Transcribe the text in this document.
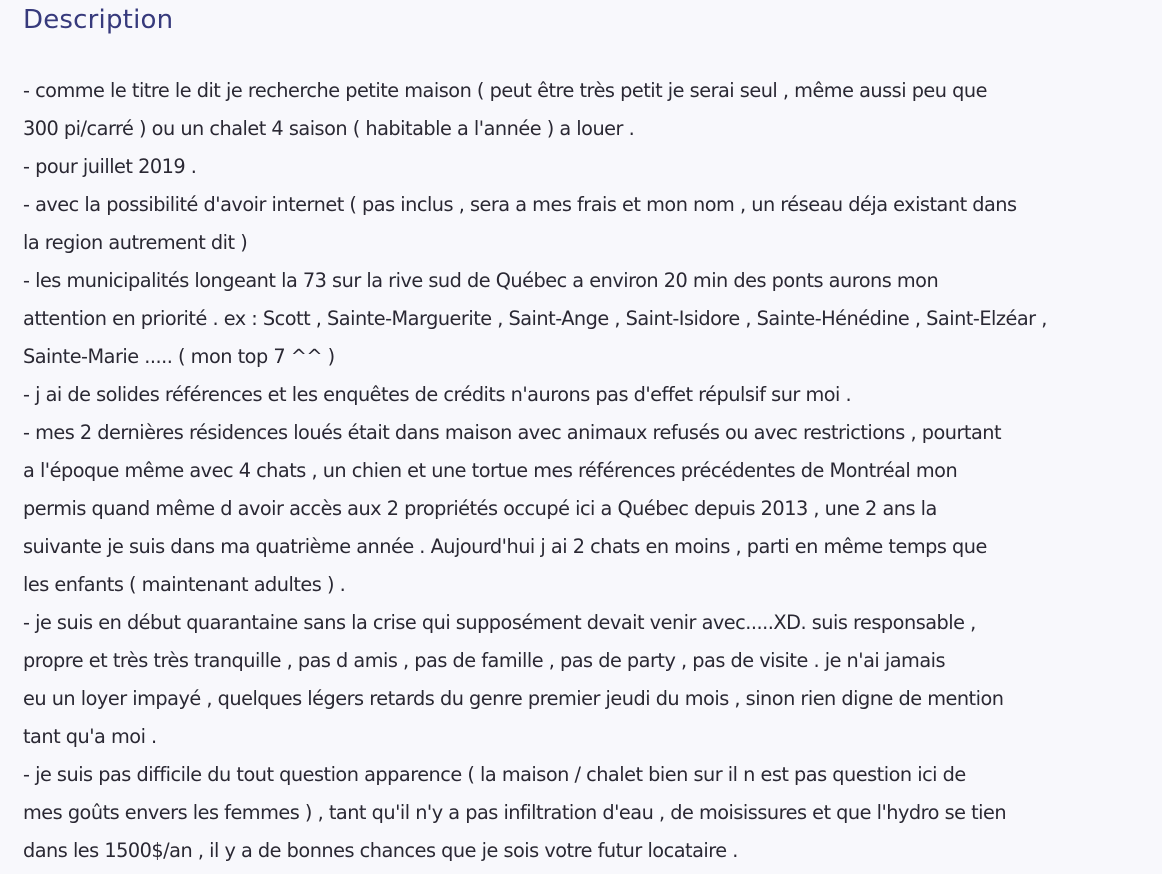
Description
- comme le titre le dit je recherche petite maison ( peut être très petit je serai seul , même aussi peu que
300 pi/carré ) ou un chalet 4 saison ( habitable a l'année ) a louer .
- pour juillet 2019 .
- avec la possibilité d'avoir internet ( pas inclus , sera a mes frais et mon nom , un réseau déja existant dans
la region autrement dit )
- les municipalités longeant la 73 sur la rive sud de Québec a environ 20 min des ponts aurons mon
attention en priorité . ex : Scott , Sainte-Marguerite , Saint-Ange , Saint-Isidore , Sainte-Hénédine , Saint-Elzéar ,
Sainte-Marie ..... ( mon top 7 ^^ )
- j ai de solides références et les enquêtes de crédits n'aurons pas d'effet répulsif sur moi .
- mes 2 dernières résidences loués était dans maison avec animaux refusés ou avec restrictions , pourtant
a l'époque même avec 4 chats , un chien et une tortue mes références précédentes de Montréal mon
permis quand même d avoir accès aux 2 propriétés occupé ici a Québec depuis 2013 , une 2 ans la
suivante je suis dans ma quatrième année . Aujourd'hui j ai 2 chats en moins , parti en même temps que
les enfants ( maintenant adultes ) .
- je suis en début quarantaine sans la crise qui supposément devait venir avec.....XD. suis responsable ,
propre et très très tranquille , pas d amis , pas de famille , pas de party , pas de visite . je n'ai jamais
eu un loyer impayé , quelques légers retards du genre premier jeudi du mois , sinon rien digne de mention
tant qu'a moi .
- je suis pas difficile du tout question apparence ( la maison / chalet bien sur il n est pas question ici de
mes goûts envers les femmes ) , tant qu'il n'y a pas infiltration d'eau , de moisissures et que l'hydro se tien
dans les 1500$/an , il y a de bonnes chances que je sois votre futur locataire .
